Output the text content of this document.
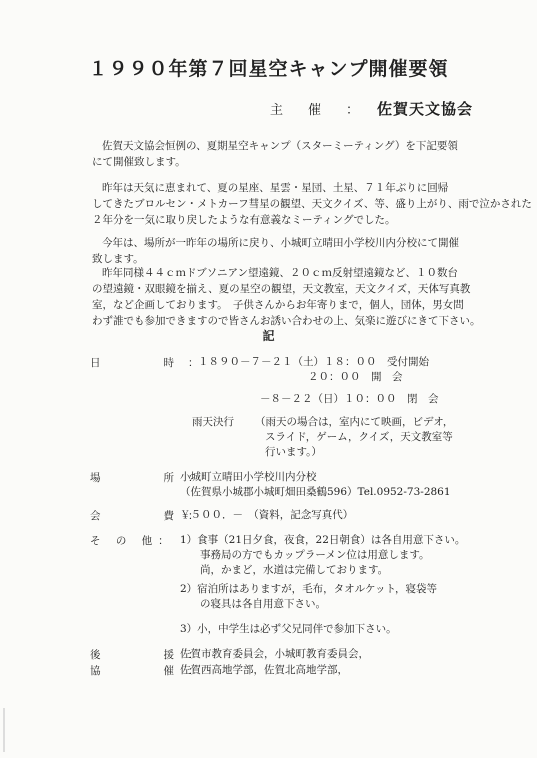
１９９０年第７回星空キャンプ開催要領
主　催　： 佐賀天文協会
佐賀天文協会恒例の、夏期星空キャンプ（スターミーティング）を下記要領
にて開催致します。
昨年は天気に恵まれて、夏の星座、星雲・星団、土星、７１年ぶりに回帰
してきたブロルセン・メトカーフ彗星の観望、天文クイズ、等、盛り上がり、雨で泣かされた
２年分を一気に取り戻したような有意義なミーティングでした。
今年は、場所が一昨年の場所に戻り、小城町立晴田小学校川内分校にて開催
致します。
昨年同様４４ｃｍドブソニアン望遠鏡、２０ｃｍ反射望遠鏡など、１０数台
の望遠鏡・双眼鏡を揃え、夏の星空の観望，天文教室，天文クイズ，天体写真教
室，など企画しております。　子供さんからお年寄りまで，個人，団体，男女問
わず誰でも参加できますので皆さんお誘い合わせの上、気楽に遊びにきて下さい。
記
日　　時：
１８９０－７－２１（土）１８：００　受付開始
２０：００　開　会
－８－２２（日）１０：００　閉　会
雨天決行 （雨天の場合は，室内にて映画，ビデオ，
スライド，ゲーム，クイズ，天文教室等
行います。）
場　　所：
小城町立晴田小学校川内分校
（佐賀県小城郡小城町畑田桑鶴596）Tel.0952-73-2861
会　　費：
￥５００．－　（資料，記念写真代）
そ の 他： 1）食事（21日夕食，夜食，22日朝食）は各自用意下さい。
事務局の方でもカップラーメン位は用意します。
尚，かまど，水道は完備しております。
2）宿泊所はありますが，毛布，タオルケット，寝袋等
の寝具は各自用意下さい。
3）小，中学生は必ず父兄同伴で参加下さい。
後　　援：
佐賀市教育委員会，小城町教育委員会，
協　　催：
佐賀西高地学部，佐賀北高地学部，
